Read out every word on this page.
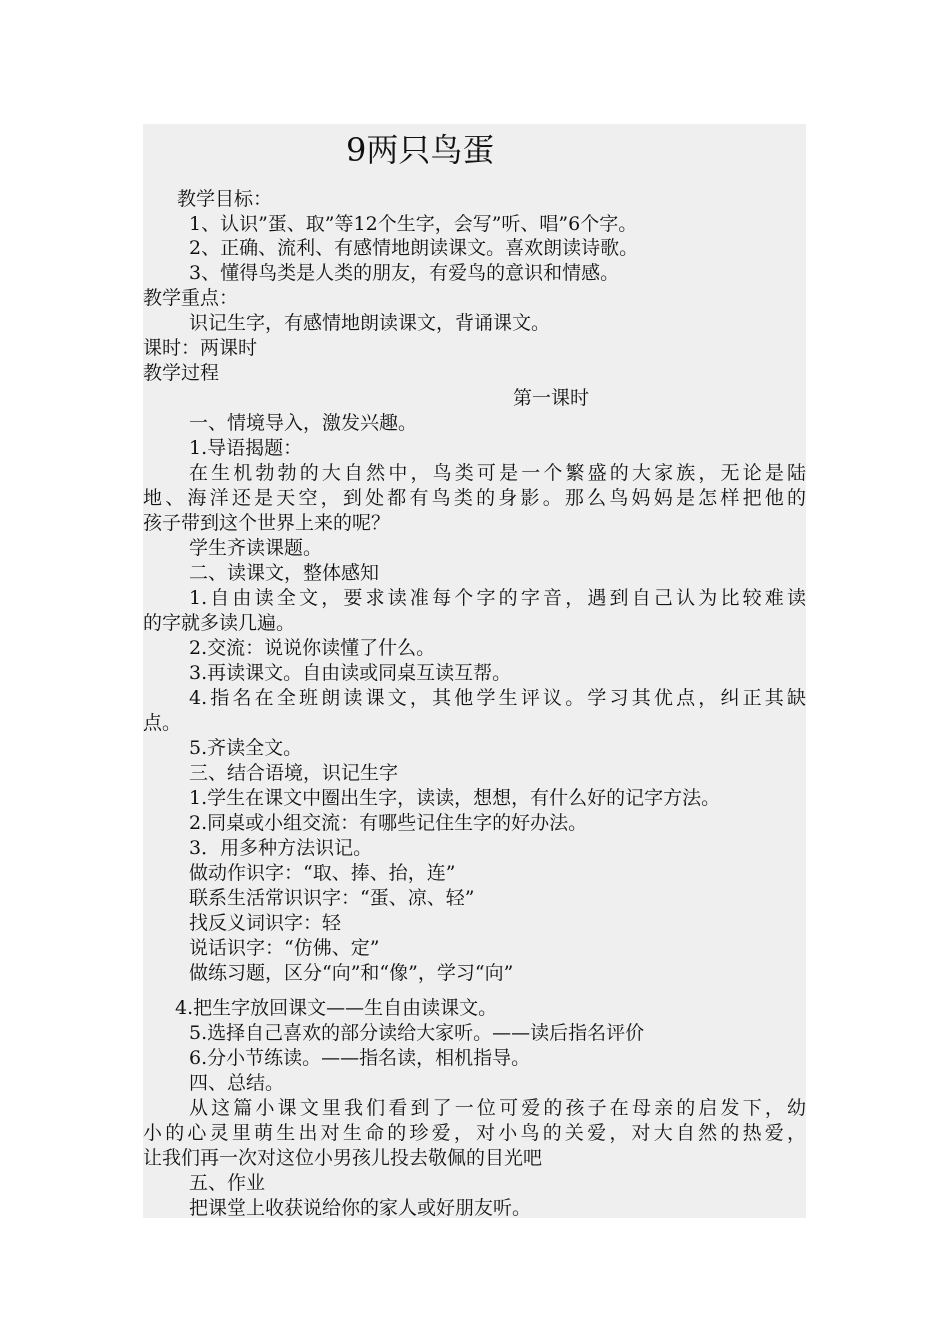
9两只鸟蛋
教学目标：
1、认识”蛋、取”等12个生字，会写”听、唱”6个字。
2、正确、流利、有感情地朗读课文。喜欢朗读诗歌。
3、懂得鸟类是人类的朋友，有爱鸟的意识和情感。
教学重点：
识记生字，有感情地朗读课文，背诵课文。
课时：两课时
教学过程
第一课时
一、情境导入，激发兴趣。
1.导语揭题：
在生机勃勃的大自然中，鸟类可是一个繁盛的大家族，无论是陆
地、海洋还是天空，到处都有鸟类的身影。那么鸟妈妈是怎样把他的
孩子带到这个世界上来的呢？
学生齐读课题。
二、读课文，整体感知
1.自由读全文，要求读准每个字的字音，遇到自己认为比较难读
的字就多读几遍。
2.交流：说说你读懂了什么。
3.再读课文。自由读或同桌互读互帮。
4.指名在全班朗读课文，其他学生评议。学习其优点，纠正其缺
点。
5.齐读全文。
三、结合语境，识记生字
1.学生在课文中圈出生字，读读，想想，有什么好的记字方法。
2.同桌或小组交流：有哪些记住生字的好办法。
3．用多种方法识记。
做动作识字：“取、捧、抬，连”
联系生活常识识字：“蛋、凉、轻”
找反义词识字：轻
说话识字：“仿佛、定”
做练习题，区分“向”和“像”，学习“向”
4.把生字放回课文——生自由读课文。
5.选择自己喜欢的部分读给大家听。——读后指名评价
6.分小节练读。——指名读，相机指导。
四、总结。
从这篇小课文里我们看到了一位可爱的孩子在母亲的启发下，幼
小的心灵里萌生出对生命的珍爱，对小鸟的关爱，对大自然的热爱，
让我们再一次对这位小男孩儿投去敬佩的目光吧
五、作业
把课堂上收获说给你的家人或好朋友听。
